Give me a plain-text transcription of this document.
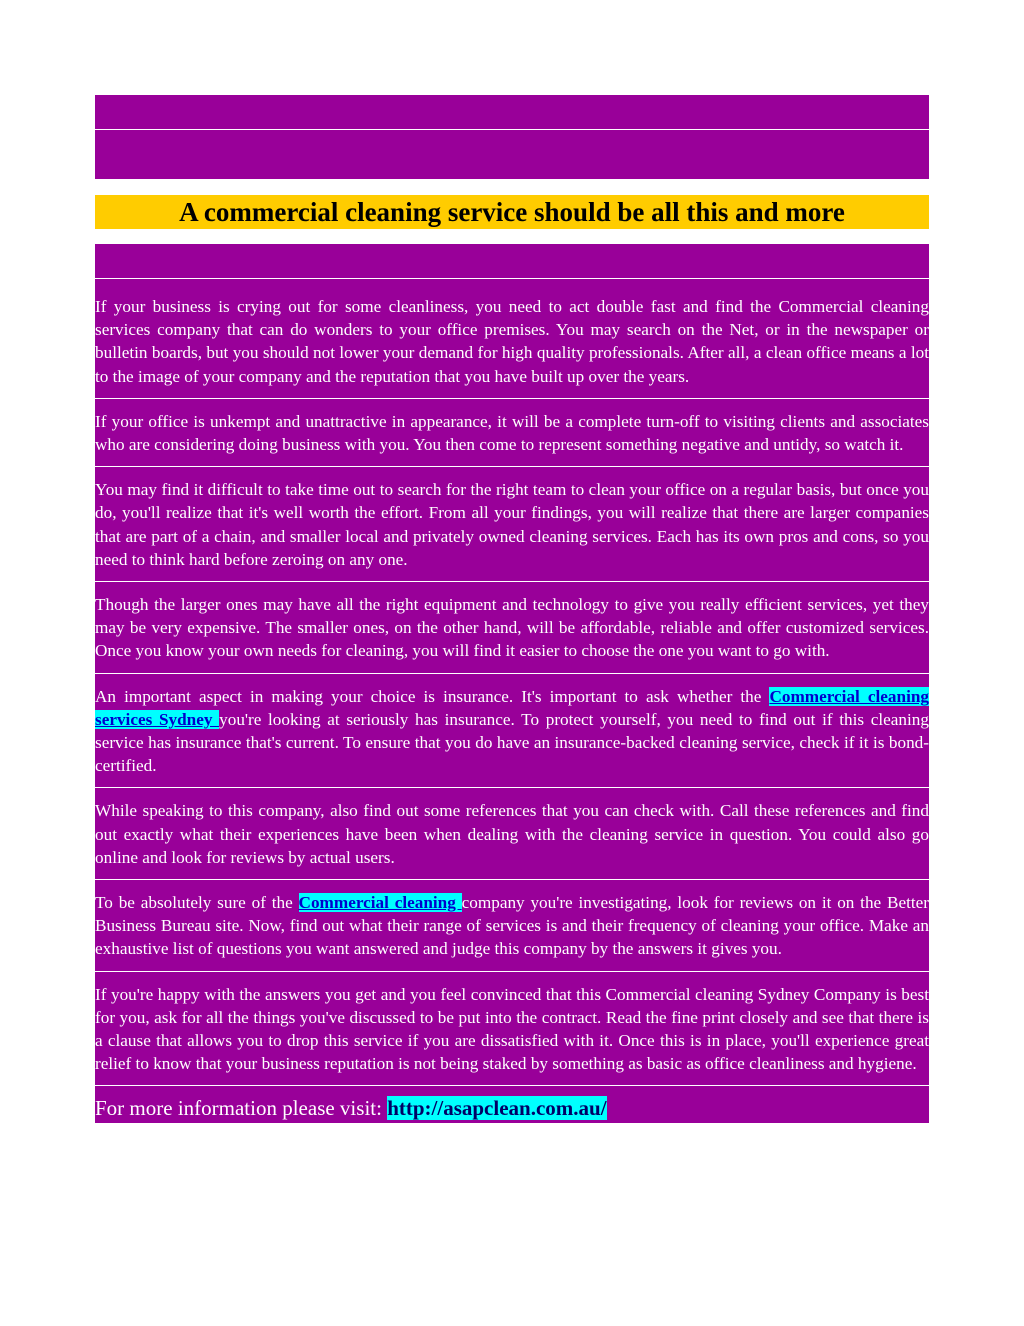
A commercial cleaning service should be all this and more
If your business is crying out for some cleanliness, you need to act double fast and find the Commercial cleaning services company that can do wonders to your office premises. You may search on the Net, or in the newspaper or bulletin boards, but you should not lower your demand for high quality professionals. After all, a clean office means a lot to the image of your company and the reputation that you have built up over the years.
If your office is unkempt and unattractive in appearance, it will be a complete turn-off to visiting clients and associates who are considering doing business with you. You then come to represent something negative and untidy, so watch it.
You may find it difficult to take time out to search for the right team to clean your office on a regular basis, but once you do, you'll realize that it's well worth the effort. From all your findings, you will realize that there are larger companies that are part of a chain, and smaller local and privately owned cleaning services. Each has its own pros and cons, so you need to think hard before zeroing on any one.
Though the larger ones may have all the right equipment and technology to give you really efficient services, yet they may be very expensive. The smaller ones, on the other hand, will be affordable, reliable and offer customized services. Once you know your own needs for cleaning, you will find it easier to choose the one you want to go with.
An important aspect in making your choice is insurance. It's important to ask whether the Commercial cleaning services Sydney you're looking at seriously has insurance. To protect yourself, you need to find out if this cleaning service has insurance that's current. To ensure that you do have an insurance-backed cleaning service, check if it is bond-certified.
While speaking to this company, also find out some references that you can check with. Call these references and find out exactly what their experiences have been when dealing with the cleaning service in question. You could also go online and look for reviews by actual users.
To be absolutely sure of the Commercial cleaning company you're investigating, look for reviews on it on the Better Business Bureau site. Now, find out what their range of services is and their frequency of cleaning your office. Make an exhaustive list of questions you want answered and judge this company by the answers it gives you.
If you're happy with the answers you get and you feel convinced that this Commercial cleaning Sydney Company is best for you, ask for all the things you've discussed to be put into the contract. Read the fine print closely and see that there is a clause that allows you to drop this service if you are dissatisfied with it. Once this is in place, you'll experience great relief to know that your business reputation is not being staked by something as basic as office cleanliness and hygiene.
For more information please visit: http://asapclean.com.au/
